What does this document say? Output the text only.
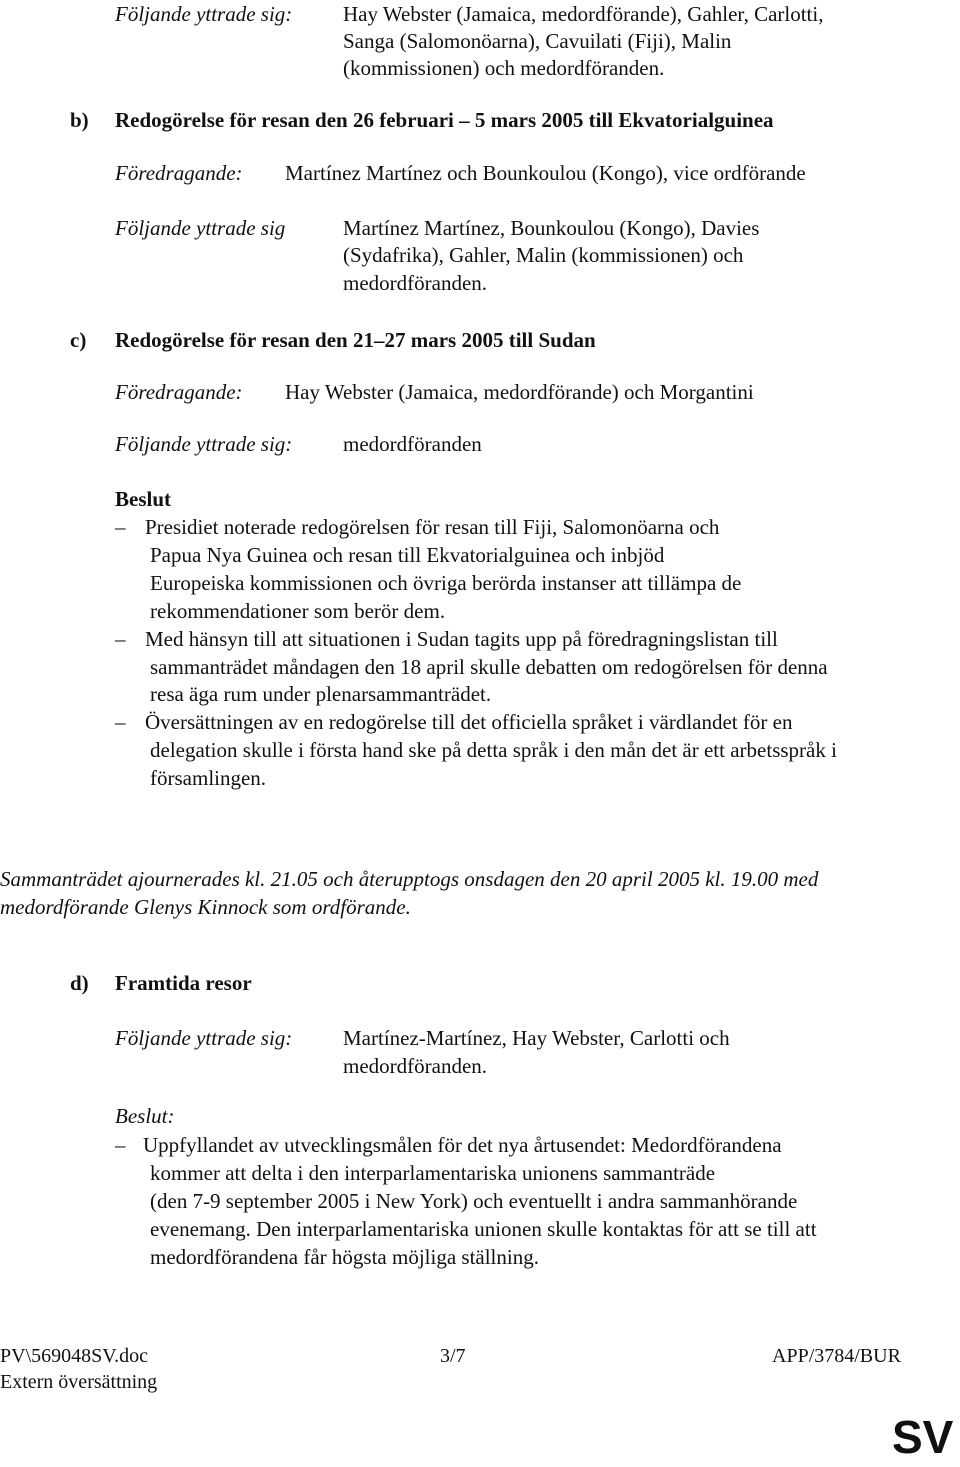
Följande yttrade sig: Hay Webster (Jamaica, medordförande), Gahler, Carlotti,
Sanga (Salomonöarna), Cavuilati (Fiji), Malin
(kommissionen) och medordföranden.
b) Redogörelse för resan den 26 februari – 5 mars 2005 till Ekvatorialguinea
Föredragande: Martínez Martínez och Bounkoulou (Kongo), vice ordförande
Följande yttrade sig	Martínez Martínez, Bounkoulou (Kongo), Davies
(Sydafrika), Gahler, Malin (kommissionen) och
medordföranden.
c) Redogörelse för resan den 21–27 mars 2005 till Sudan
Föredragande: Hay Webster (Jamaica, medordförande) och Morgantini
Följande yttrade sig: medordföranden
Beslut
– Presidiet noterade redogörelsen för resan till Fiji, Salomonöarna och
Papua Nya Guinea och resan till Ekvatorialguinea och inbjöd
Europeiska kommissionen och övriga berörda instanser att tillämpa de
rekommendationer som berör dem.
– Med hänsyn till att situationen i Sudan tagits upp på föredragningslistan till
sammanträdet måndagen den 18 april skulle debatten om redogörelsen för denna
resa äga rum under plenarsammanträdet.
– Översättningen av en redogörelse till det officiella språket i värdlandet för en
delegation skulle i första hand ske på detta språk i den mån det är ett arbetsspråk i
församlingen.
Sammanträdet ajournerades kl. 21.05 och återupptogs onsdagen den 20 april 2005 kl. 19.00 med
medordförande Glenys Kinnock som ordförande.
d) Framtida resor
Följande yttrade sig: Martínez-Martínez, Hay Webster, Carlotti och
medordföranden.
Beslut:
– Uppfyllandet av utvecklingsmålen för det nya årtusendet: Medordförandena
kommer att delta i den interparlamentariska unionens sammanträde
(den 7-9 september 2005 i New York) och eventuellt i andra sammanhörande
evenemang. Den interparlamentariska unionen skulle kontaktas för att se till att
medordförandena får högsta möjliga ställning.
PV\569048SV.doc	3/7	APP/3784/BUR
Extern översättning
SV
